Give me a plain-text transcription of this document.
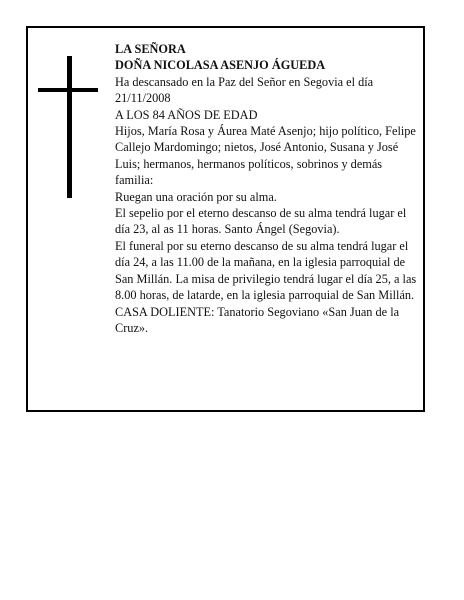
LA SEÑORA

DOÑA NICOLASA ASENJO ÁGUEDA

Ha descansado en la Paz del Señor en Segovia el día 21/11/2008

A LOS 84 AÑOS DE EDAD

Hijos, María Rosa y Áurea Maté Asenjo; hijo político, Felipe Callejo Mardomingo; nietos, José Antonio, Susana y José Luis; hermanos, hermanos políticos, sobrinos y demás familia:

Ruegan una oración por su alma.

El sepelio por el eterno descanso de su alma tendrá lugar el día 23, al as 11 horas. Santo Ángel (Segovia).

El funeral por su eterno descanso de su alma tendrá lugar el día 24, a las 11.00 de la mañana, en la iglesia parroquial de San Millán. La misa de privilegio tendrá lugar el día 25, a las 8.00 horas, de latarde, en la iglesia parroquial de San Millán.

CASA DOLIENTE: Tanatorio Segoviano «San Juan de la Cruz».
